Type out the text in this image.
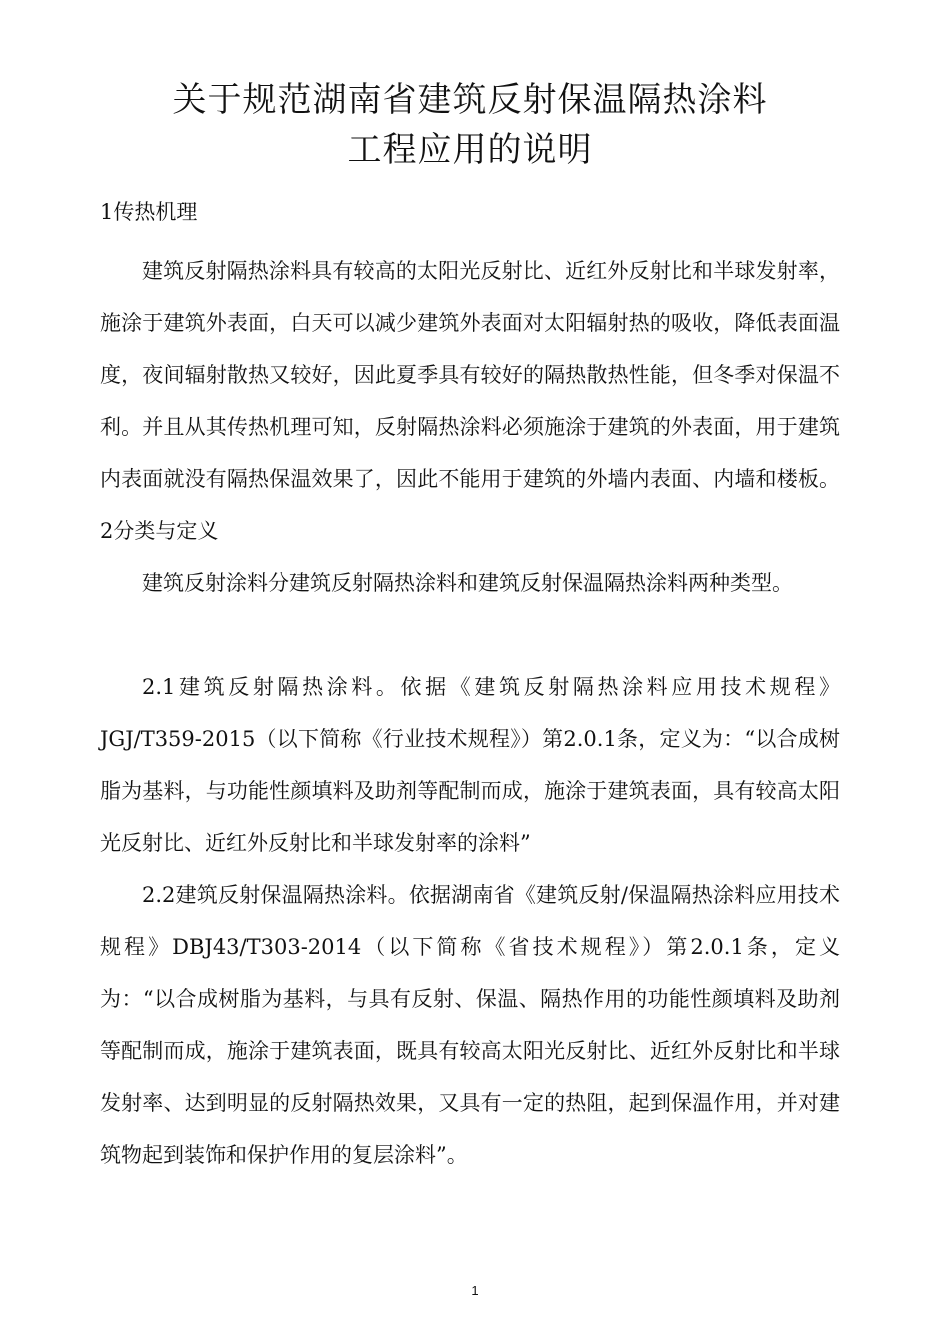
关于规范湖南省建筑反射保温隔热涂料
工程应用的说明
1传热机理

建筑反射隔热涂料具有较高的太阳光反射比、近红外反射比和半球发射率，施涂于建筑外表面，白天可以减少建筑外表面对太阳辐射热的吸收，降低表面温度，夜间辐射散热又较好，因此夏季具有较好的隔热散热性能，但冬季对保温不利。并且从其传热机理可知，反射隔热涂料必须施涂于建筑的外表面，用于建筑内表面就没有隔热保温效果了，因此不能用于建筑的外墙内表面、内墙和楼板。2分类与定义

建筑反射涂料分建筑反射隔热涂料和建筑反射保温隔热涂料两种类型。

2.1建筑反射隔热涂料。依据《建筑反射隔热涂料应用技术规程》JGJ/T359-2015（以下简称《行业技术规程》）第2.0.1条，定义为：“以合成树脂为基料，与功能性颜填料及助剂等配制而成，施涂于建筑表面，具有较高太阳光反射比、近红外反射比和半球发射率的涂料”

2.2建筑反射保温隔热涂料。依据湖南省《建筑反射/保温隔热涂料应用技术规程》DBJ43/T303-2014（以下简称《省技术规程》）第2.0.1条，定义为：“以合成树脂为基料，与具有反射、保温、隔热作用的功能性颜填料及助剂等配制而成，施涂于建筑表面，既具有较高太阳光反射比、近红外反射比和半球发射率、达到明显的反射隔热效果，又具有一定的热阻，起到保温作用，并对建筑物起到装饰和保护作用的复层涂料”。

1
